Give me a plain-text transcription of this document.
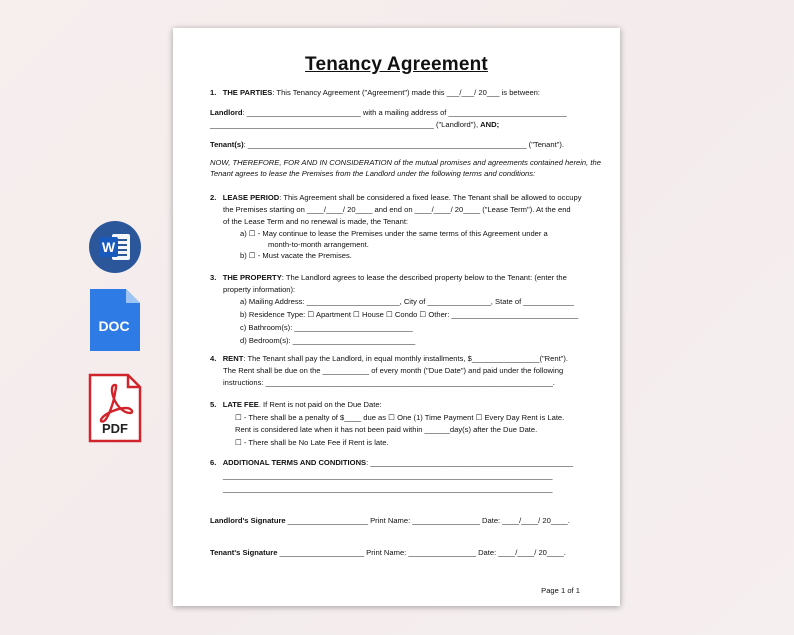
W
DOC
PDF
Tenancy Agreement
1. THE PARTIES: This Tenancy Agreement ("Agreement") made this ___/___/ 20___ is between:
Landlord: ___________________________ with a mailing address of ____________________________
_____________________________________________________ ("Landlord"), AND;
Tenant(s): __________________________________________________________________ ("Tenant").
NOW, THEREFORE, FOR AND IN CONSIDERATION of the mutual promises and agreements contained herein, the
Tenant agrees to lease the Premises from the Landlord under the following terms and conditions:
2. LEASE PERIOD: This Agreement shall be considered a fixed lease. The Tenant shall be allowed to occupy
the Premises starting on ____/____/ 20____ and end on ____/____/ 20____ ("Lease Term"). At the end
of the Lease Term and no renewal is made, the Tenant:
a) ☐ - May continue to lease the Premises under the same terms of this Agreement under a
month-to-month arrangement.
b) ☐ - Must vacate the Premises.
3. THE PROPERTY: The Landlord agrees to lease the described property below to the Tenant: (enter the
property information):
a) Mailing Address: ______________________, City of _______________, State of ____________
b) Residence Type: ☐ Apartment ☐ House ☐ Condo ☐ Other: ______________________________
c) Bathroom(s): ____________________________
d) Bedroom(s): _____________________________
4. RENT: The Tenant shall pay the Landlord, in equal monthly installments, $________________("Rent").
The Rent shall be due on the ___________ of every month ("Due Date") and paid under the following
instructions: ____________________________________________________________________.
5. LATE FEE. If Rent is not paid on the Due Date:
☐ - There shall be a penalty of $____ due as ☐ One (1) Time Payment ☐ Every Day Rent is Late.
Rent is considered late when it has not been paid within ______day(s) after the Due Date.
☐ - There shall be No Late Fee if Rent is late.
6. ADDITIONAL TERMS AND CONDITIONS: ________________________________________________
______________________________________________________________________________
______________________________________________________________________________
Landlord's Signature ___________________ Print Name: ________________ Date: ____/____/ 20____.
Tenant's Signature ____________________ Print Name: ________________ Date: ____/____/ 20____.
Page 1 of 1
